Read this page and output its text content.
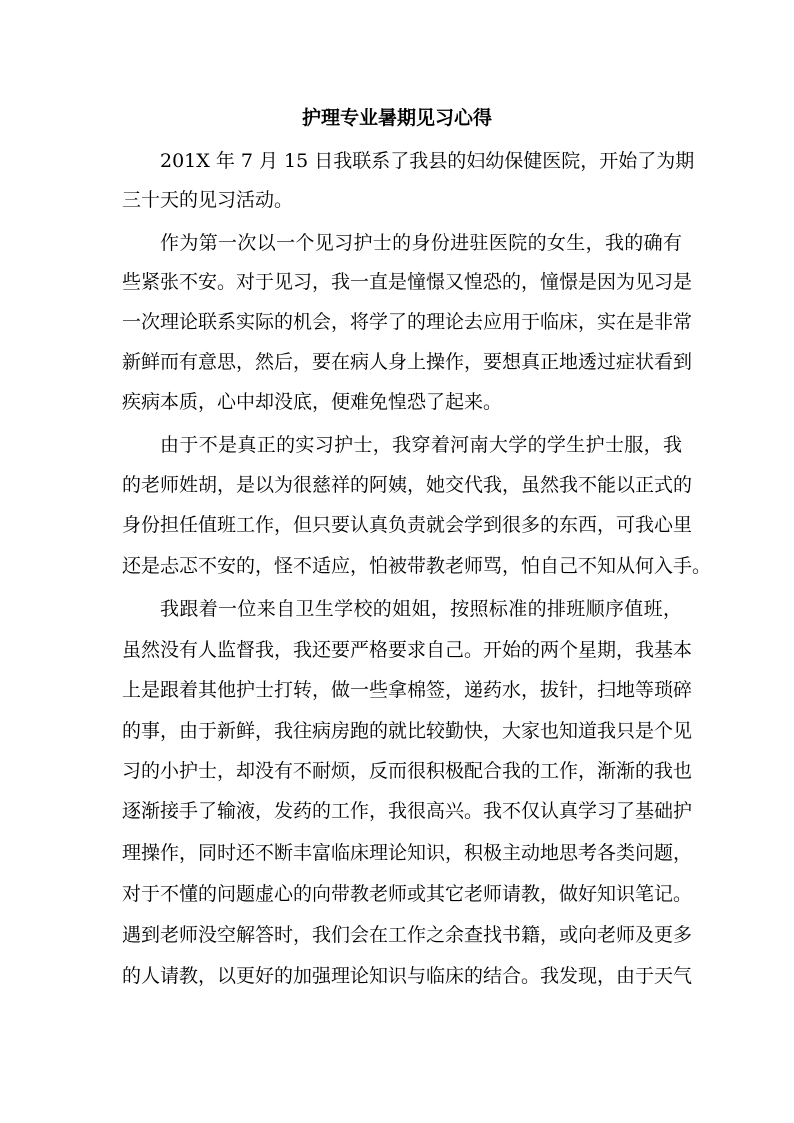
护理专业暑期见习心得
201X 年 7 月 15 日我联系了我县的妇幼保健医院，开始了为期
三十天的见习活动。
作为第一次以一个见习护士的身份进驻医院的女生，我的确有
些紧张不安。对于见习，我一直是憧憬又惶恐的，憧憬是因为见习是
一次理论联系实际的机会，将学了的理论去应用于临床，实在是非常
新鲜而有意思，然后，要在病人身上操作，要想真正地透过症状看到
疾病本质，心中却没底，便难免惶恐了起来。
由于不是真正的实习护士，我穿着河南大学的学生护士服，我
的老师姓胡，是以为很慈祥的阿姨，她交代我，虽然我不能以正式的
身份担任值班工作，但只要认真负责就会学到很多的东西，可我心里
还是忐忑不安的，怪不适应，怕被带教老师骂，怕自己不知从何入手。
我跟着一位来自卫生学校的姐姐，按照标准的排班顺序值班，
虽然没有人监督我，我还要严格要求自己。开始的两个星期，我基本
上是跟着其他护士打转，做一些拿棉签，递药水，拔针，扫地等琐碎
的事，由于新鲜，我往病房跑的就比较勤快，大家也知道我只是个见
习的小护士，却没有不耐烦，反而很积极配合我的工作，渐渐的我也
逐渐接手了输液，发药的工作，我很高兴。我不仅认真学习了基础护
理操作，同时还不断丰富临床理论知识，积极主动地思考各类问题，
对于不懂的问题虚心的向带教老师或其它老师请教，做好知识笔记。
遇到老师没空解答时，我们会在工作之余查找书籍，或向老师及更多
的人请教，以更好的加强理论知识与临床的结合。我发现，由于天气
